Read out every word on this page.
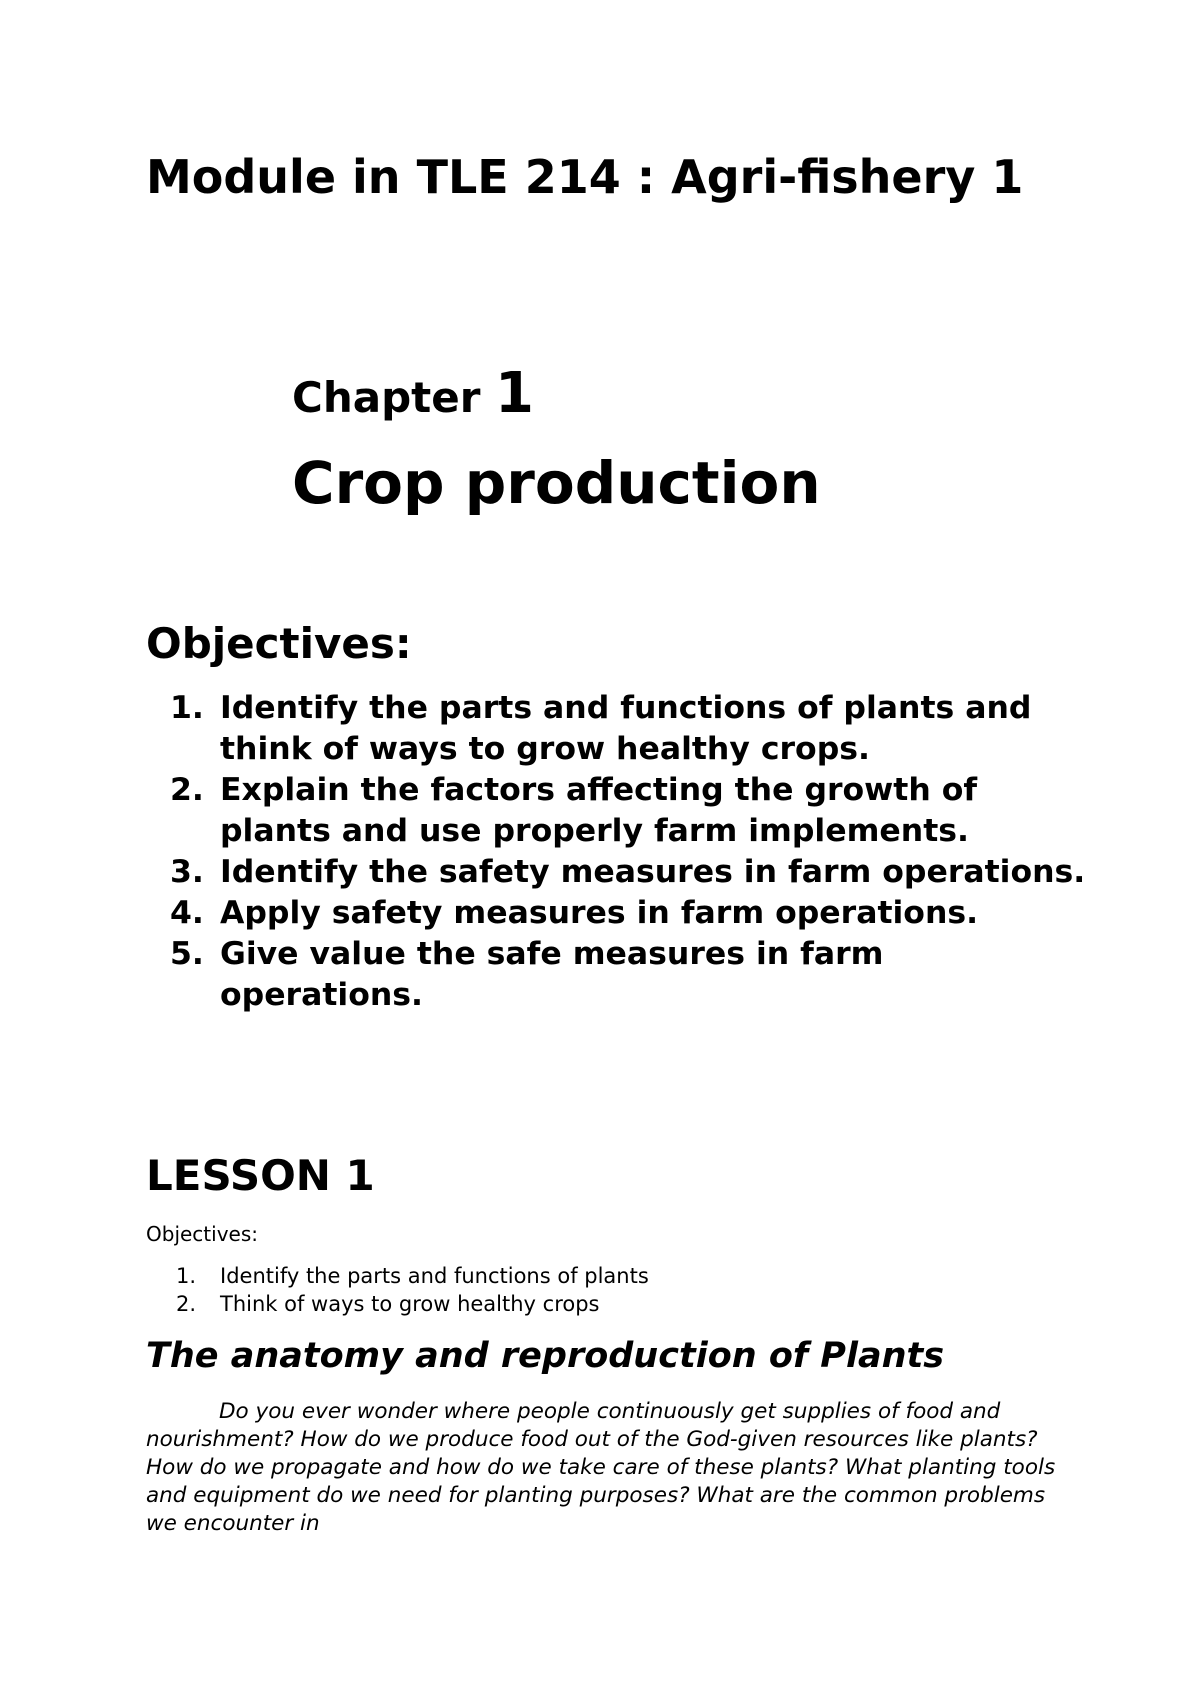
Module in TLE 214 : Agri-fishery 1
Chapter 1
Crop production
Objectives:
1. Identify the parts and functions of plants and think of ways to grow healthy crops.
2. Explain the factors affecting the growth of plants and use properly farm implements.
3. Identify the safety measures in farm operations.
4. Apply safety measures in farm operations.
5. Give value the safe measures in farm operations.
LESSON 1

Objectives:

1. Identify the parts and functions of plants
2. Think of ways to grow healthy crops
The anatomy and reproduction of Plants

Do you ever wonder where people continuously get supplies of food and nourishment? How do we produce food out of the God-given resources like plants? How do we propagate and how do we take care of these plants? What planting tools and equipment do we need for planting purposes? What are the common problems we encounter in
